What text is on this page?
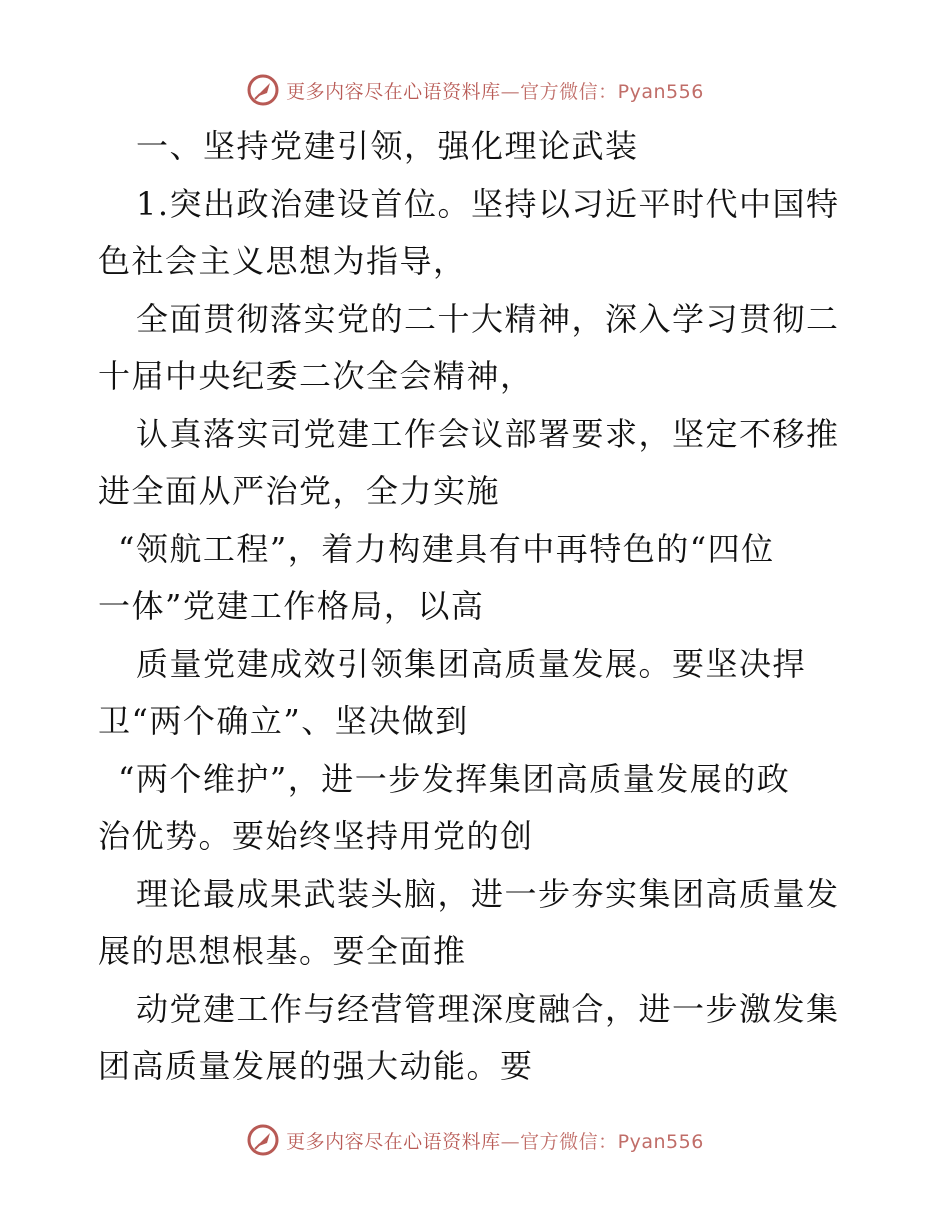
更多内容尽在心语资料库—官方微信：Pyan556
一、坚持党建引领，强化理论武装
1.突出政治建设首位。坚持以习近平时代中国特
色社会主义思想为指导，
全面贯彻落实党的二十大精神，深入学习贯彻二
十届中央纪委二次全会精神，
认真落实司党建工作会议部署要求，坚定不移推
进全面从严治党，全力实施
“领航工程”，着力构建具有中再特色的“四位
一体”党建工作格局，以高
质量党建成效引领集团高质量发展。要坚决捍
卫“两个确立”、坚决做到
“两个维护”，进一步发挥集团高质量发展的政
治优势。要始终坚持用党的创
理论最成果武装头脑，进一步夯实集团高质量发
展的思想根基。要全面推
动党建工作与经营管理深度融合，进一步激发集
团高质量发展的强大动能。要
更多内容尽在心语资料库—官方微信：Pyan556
